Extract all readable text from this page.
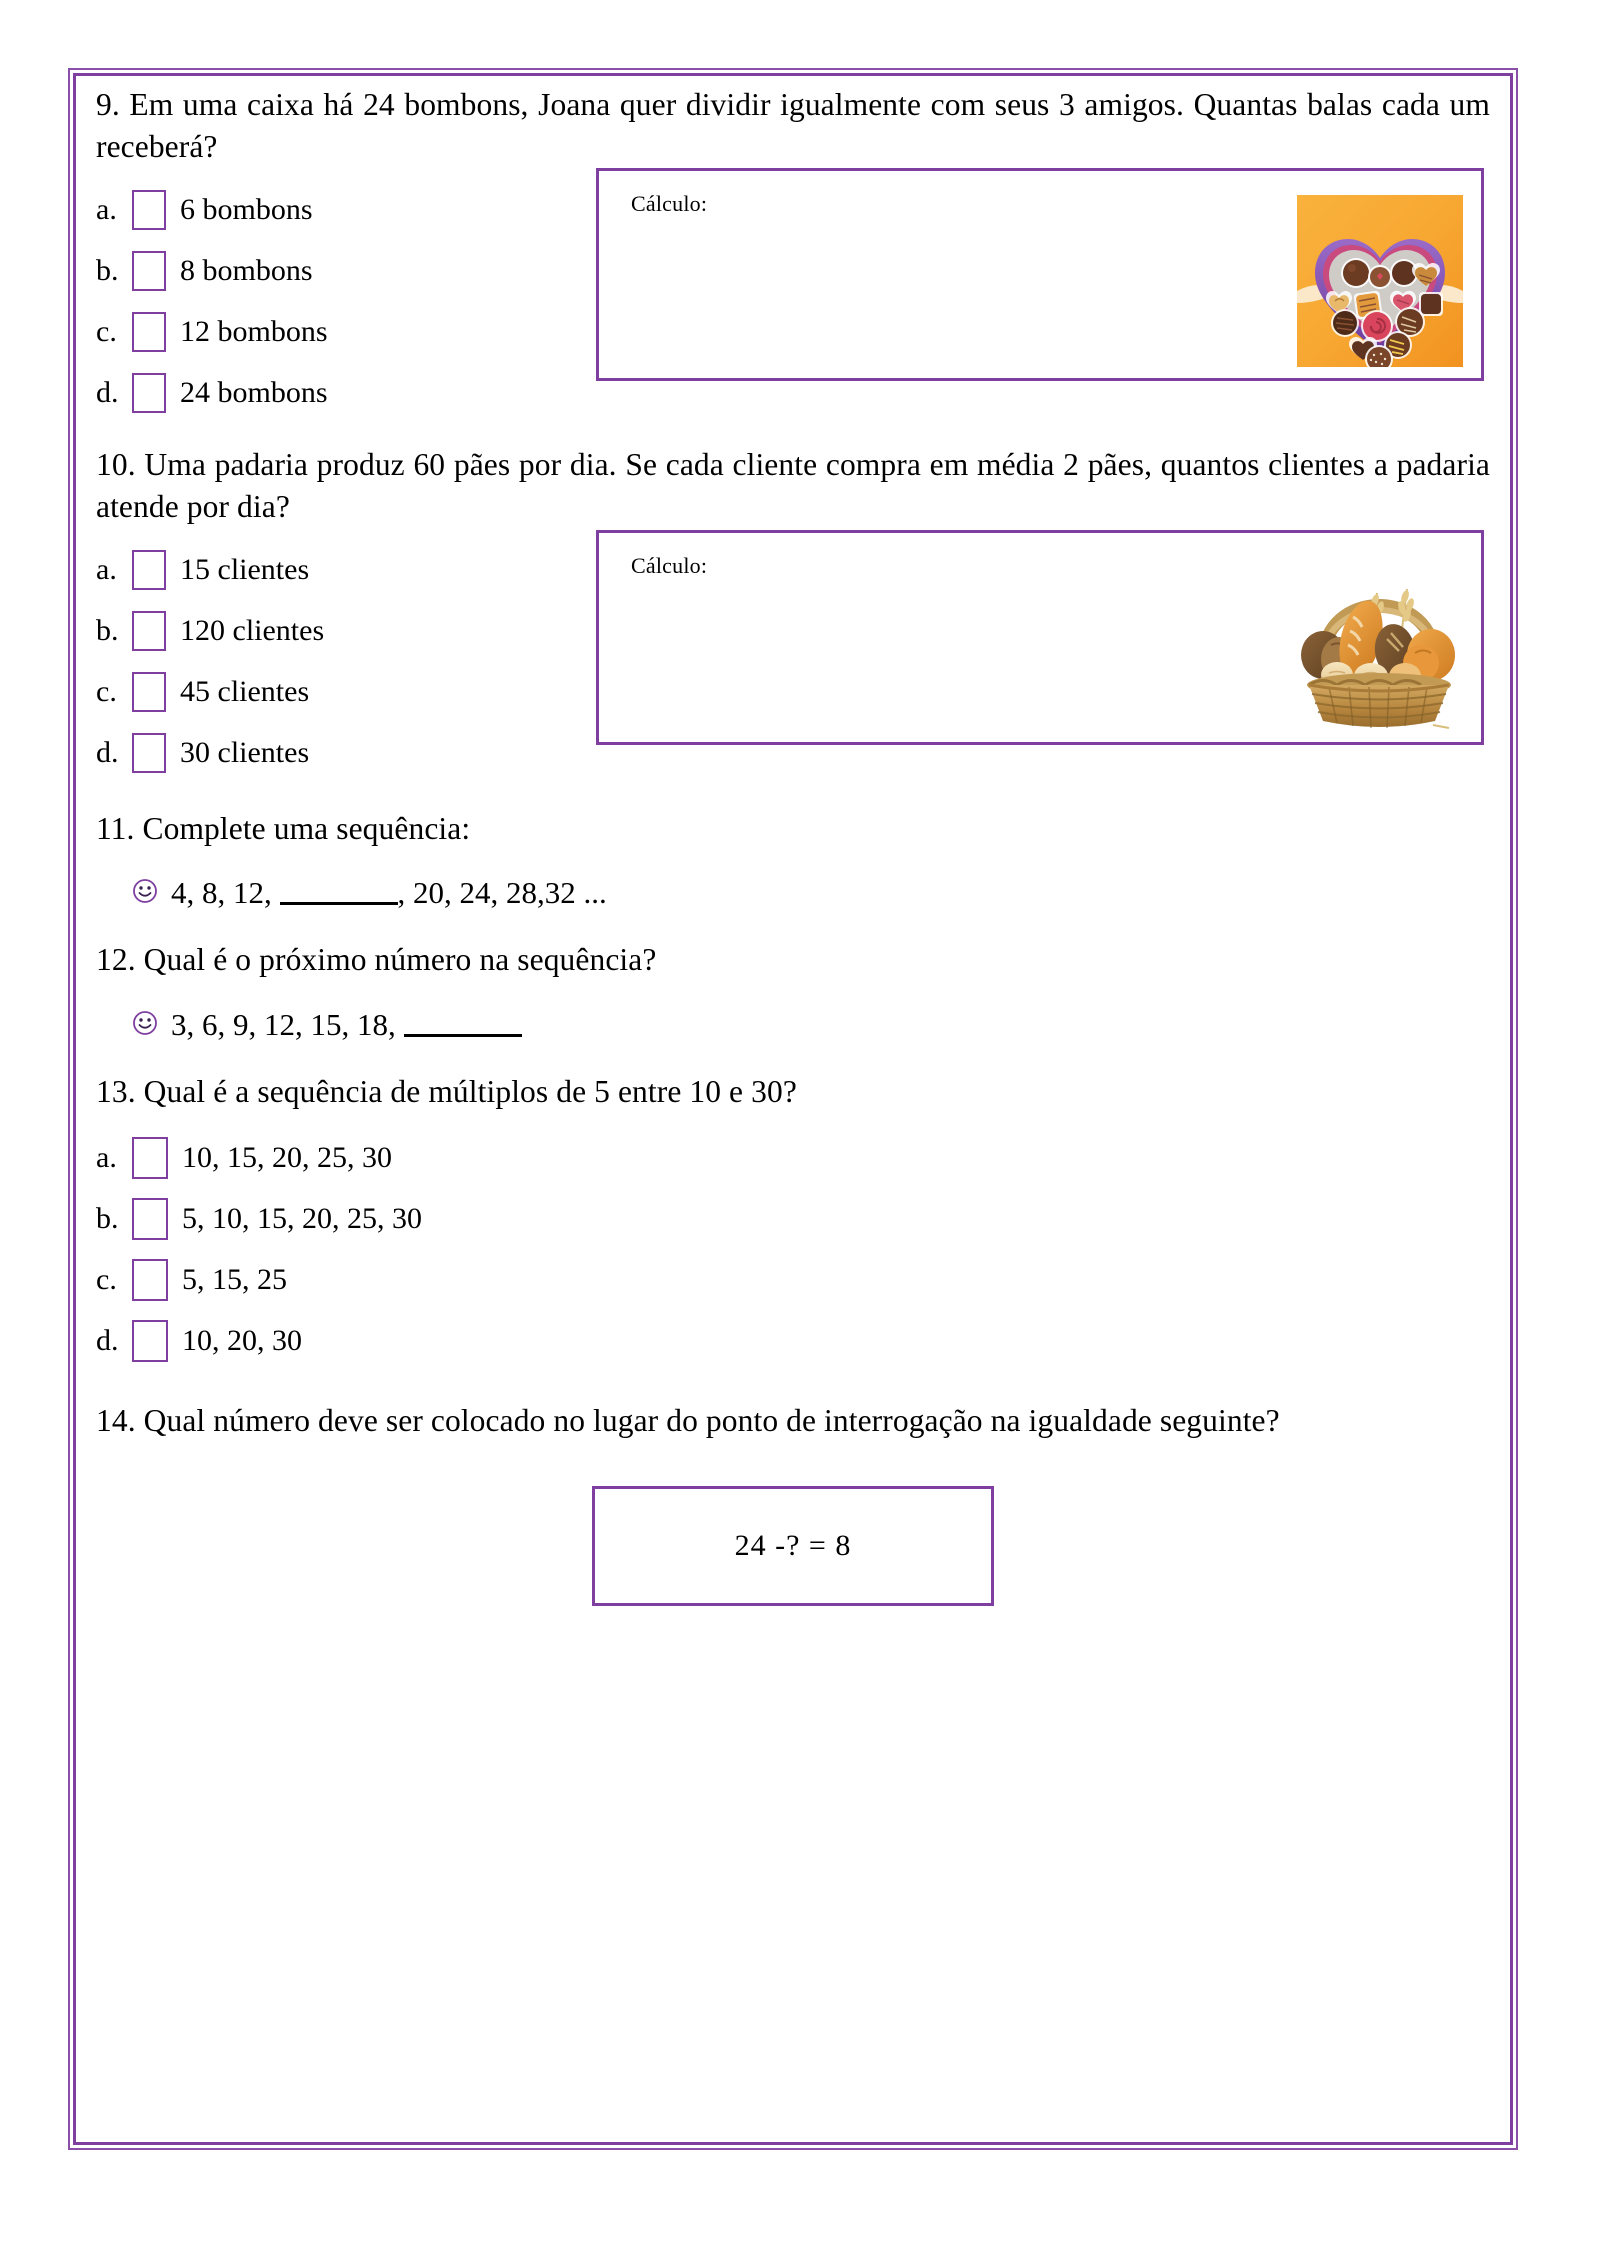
9. Em uma caixa há 24 bombons, Joana quer dividir igualmente com seus 3 amigos. Quantas balas cada um receberá?

a.	6 bombons
b.	8 bombons
c.	12 bombons
d.	24 bombons
Cálculo:

10. Uma padaria produz 60 pães por dia. Se cada cliente compra em média 2 pães, quantos clientes a padaria atende por dia?

a.	15 clientes
b.	120 clientes
c.	45 clientes
d.	30 clientes
Cálculo:

11. Complete uma sequência:

4, 8, 12,	, 20, 24, 28,32 ...

12. Qual é o próximo número na sequência?

3, 6, 9, 12, 15, 18,

13. Qual é a sequência de múltiplos de 5 entre 10 e 30?

a.	10, 15, 20, 25, 30
b.	5, 10, 15, 20, 25, 30
c.	5, 15, 25
d.	10, 20, 30

14. Qual número deve ser colocado no lugar do ponto de interrogação na igualdade seguinte?

24 -? = 8
